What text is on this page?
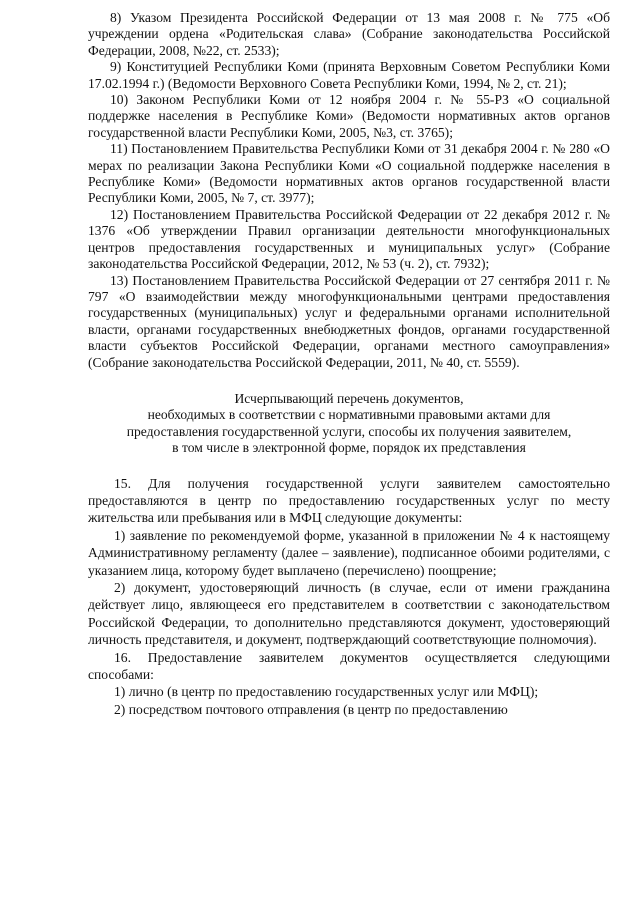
8) Указом Президента Российской Федерации от 13 мая 2008 г. № 775 «Об учреждении ордена «Родительская слава» (Собрание законодательства Российской Федерации, 2008, №22, ст. 2533);

9) Конституцией Республики Коми (принята Верховным Советом Республики Коми 17.02.1994 г.) (Ведомости Верховного Совета Республики Коми, 1994, № 2, ст. 21);

10) Законом Республики Коми от 12 ноября 2004 г. № 55-РЗ «О социальной поддержке населения в Республике Коми» (Ведомости нормативных актов органов государственной власти Республики Коми, 2005, №3, ст. 3765);

11) Постановлением Правительства Республики Коми от 31 декабря 2004 г. № 280 «О мерах по реализации Закона Республики Коми «О социальной поддержке населения в Республике Коми» (Ведомости нормативных актов органов государственной власти Республики Коми, 2005, № 7, ст. 3977);

12) Постановлением Правительства Российской Федерации от 22 декабря 2012 г. № 1376 «Об утверждении Правил организации деятельности многофункциональных центров предоставления государственных и муниципальных услуг» (Собрание законодательства Российской Федерации, 2012, № 53 (ч. 2), ст. 7932);

13) Постановлением Правительства Российской Федерации от 27 сентября 2011 г. № 797 «О взаимодействии между многофункциональными центрами предоставления государственных (муниципальных) услуг и федеральными органами исполнительной власти, органами государственных внебюджетных фондов, органами государственной власти субъектов Российской Федерации, органами местного самоуправления» (Собрание законодательства Российской Федерации, 2011, № 40, ст. 5559).

Исчерпывающий перечень документов,
необходимых в соответствии с нормативными правовыми актами для
предоставления государственной услуги, способы их получения заявителем,
в том числе в электронной форме, порядок их представления

15. Для получения государственной услуги заявителем самостоятельно предоставляются в центр по предоставлению государственных услуг по месту жительства или пребывания или в МФЦ следующие документы:

1) заявление по рекомендуемой форме, указанной в приложении № 4 к настоящему Административному регламенту (далее – заявление), подписанное обоими родителями, с указанием лица, которому будет выплачено (перечислено) поощрение;

2) документ, удостоверяющий личность (в случае, если от имени гражданина действует лицо, являющееся его представителем в соответствии с законодательством Российской Федерации, то дополнительно представляются документ, удостоверяющий личность представителя, и документ, подтверждающий соответствующие полномочия).

16. Предоставление заявителем документов осуществляется следующими способами:

1) лично (в центр по предоставлению государственных услуг или МФЦ);

2) посредством почтового отправления (в центр по предоставлению
